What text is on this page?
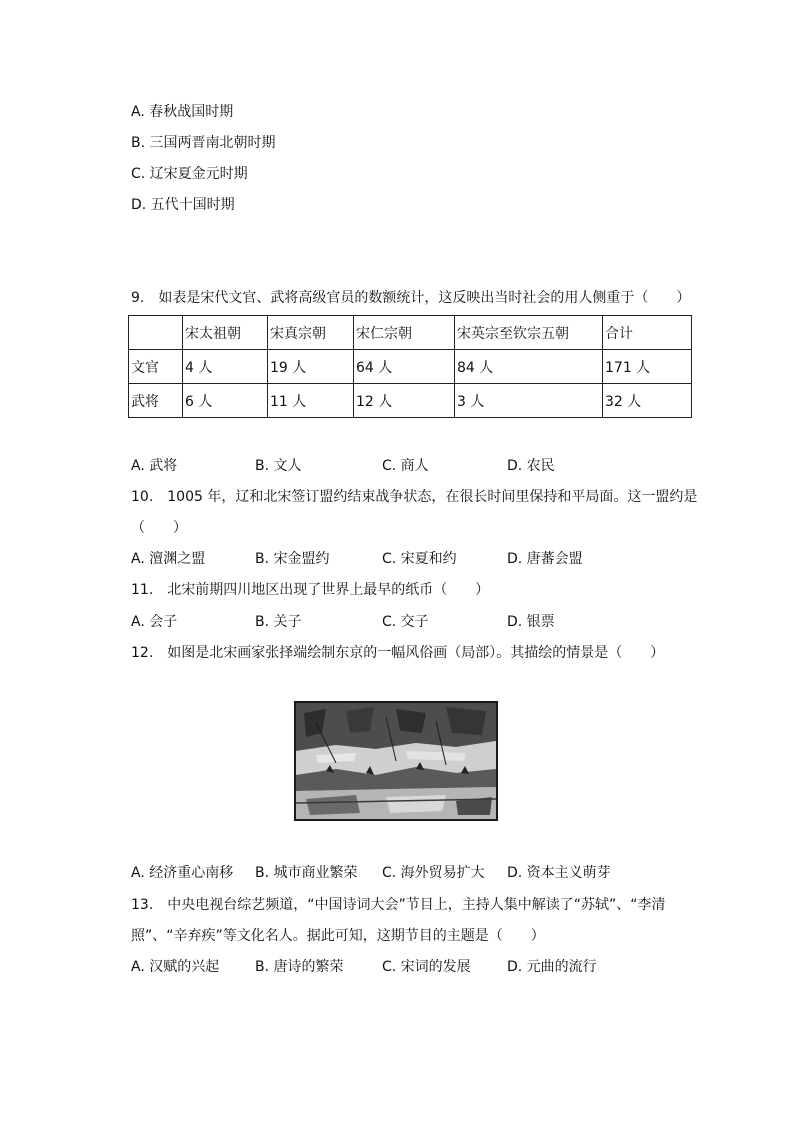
A. 春秋战国时期
B. 三国两晋南北朝时期
C. 辽宋夏金元时期
D. 五代十国时期
9.　如表是宋代文官、武将高级官员的数额统计，这反映出当时社会的用人侧重于（　　）
	宋太祖朝	宋真宗朝	宋仁宗朝	宋英宗至钦宗五朝	合计
文官	4 人	19 人	64 人	84 人	171 人
武将	6 人	11 人	12 人	3 人	32 人
A. 武将	B. 文人	C. 商人	D. 农民
10.　1005 年，辽和北宋签订盟约结束战争状态，在很长时间里保持和平局面。这一盟约是
（　　）
A. 澶渊之盟	B. 宋金盟约	C. 宋夏和约	D. 唐蕃会盟
11.　北宋前期四川地区出现了世界上最早的纸币（　　）
A. 会子	B. 关子	C. 交子	D. 银票
12.　如图是北宋画家张择端绘制东京的一幅风俗画（局部）。其描绘的情景是（　　）
A. 经济重心南移 B. 城市商业繁荣 C. 海外贸易扩大 D. 资本主义萌芽
13.　中央电视台综艺频道，“中国诗词大会”节目上，主持人集中解读了“苏轼”、“李清
照”、“辛弃疾”等文化名人。据此可知，这期节目的主题是（　　）
A. 汉赋的兴起	B. 唐诗的繁荣	C. 宋词的发展	D. 元曲的流行
